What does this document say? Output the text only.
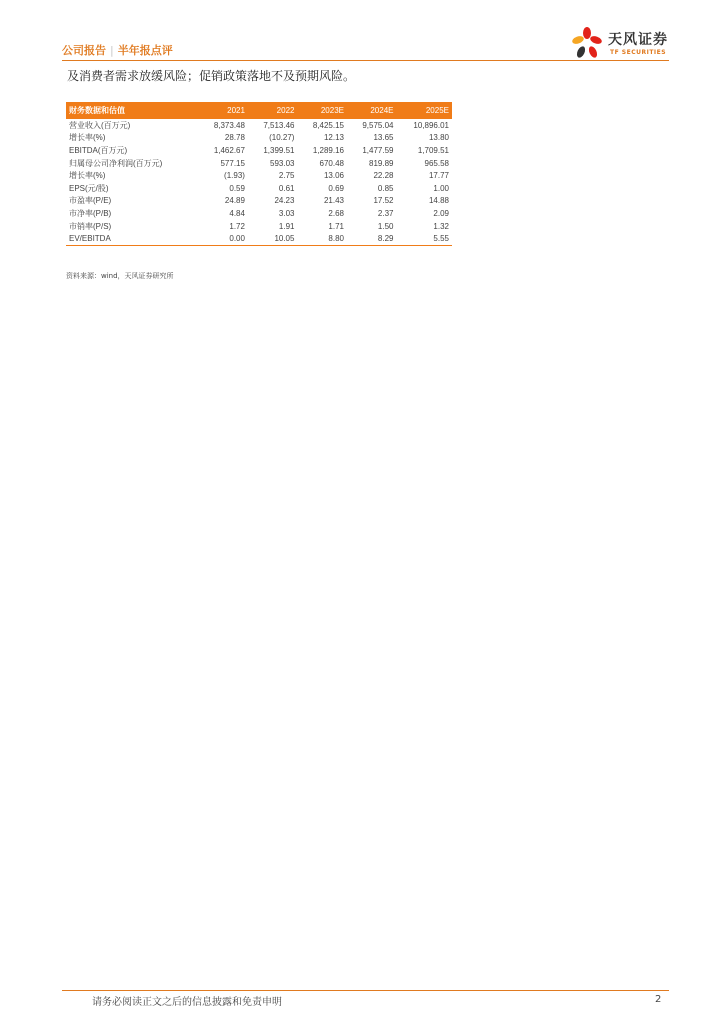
公司报告 | 半年报点评
天风证券
TF SECURITIES
及消费者需求放缓风险；促销政策落地不及预期风险。
财务数据和估值	2021	2022	2023E	2024E	2025E
营业收入(百万元)	8,373.48	7,513.46	8,425.15	9,575.04	10,896.01
增长率(%)	28.78	(10.27)	12.13	13.65	13.80
EBITDA(百万元)	1,462.67	1,399.51	1,289.16	1,477.59	1,709.51
归属母公司净利润(百万元)	577.15	593.03	670.48	819.89	965.58
增长率(%)	(1.93)	2.75	13.06	22.28	17.77
EPS(元/股)	0.59	0.61	0.69	0.85	1.00
市盈率(P/E)	24.89	24.23	21.43	17.52	14.88
市净率(P/B)	4.84	3.03	2.68	2.37	2.09
市销率(P/S)	1.72	1.91	1.71	1.50	1.32
EV/EBITDA	0.00	10.05	8.80	8.29	5.55
资料来源：wind，天风证券研究所
请务必阅读正文之后的信息披露和免责申明	2
